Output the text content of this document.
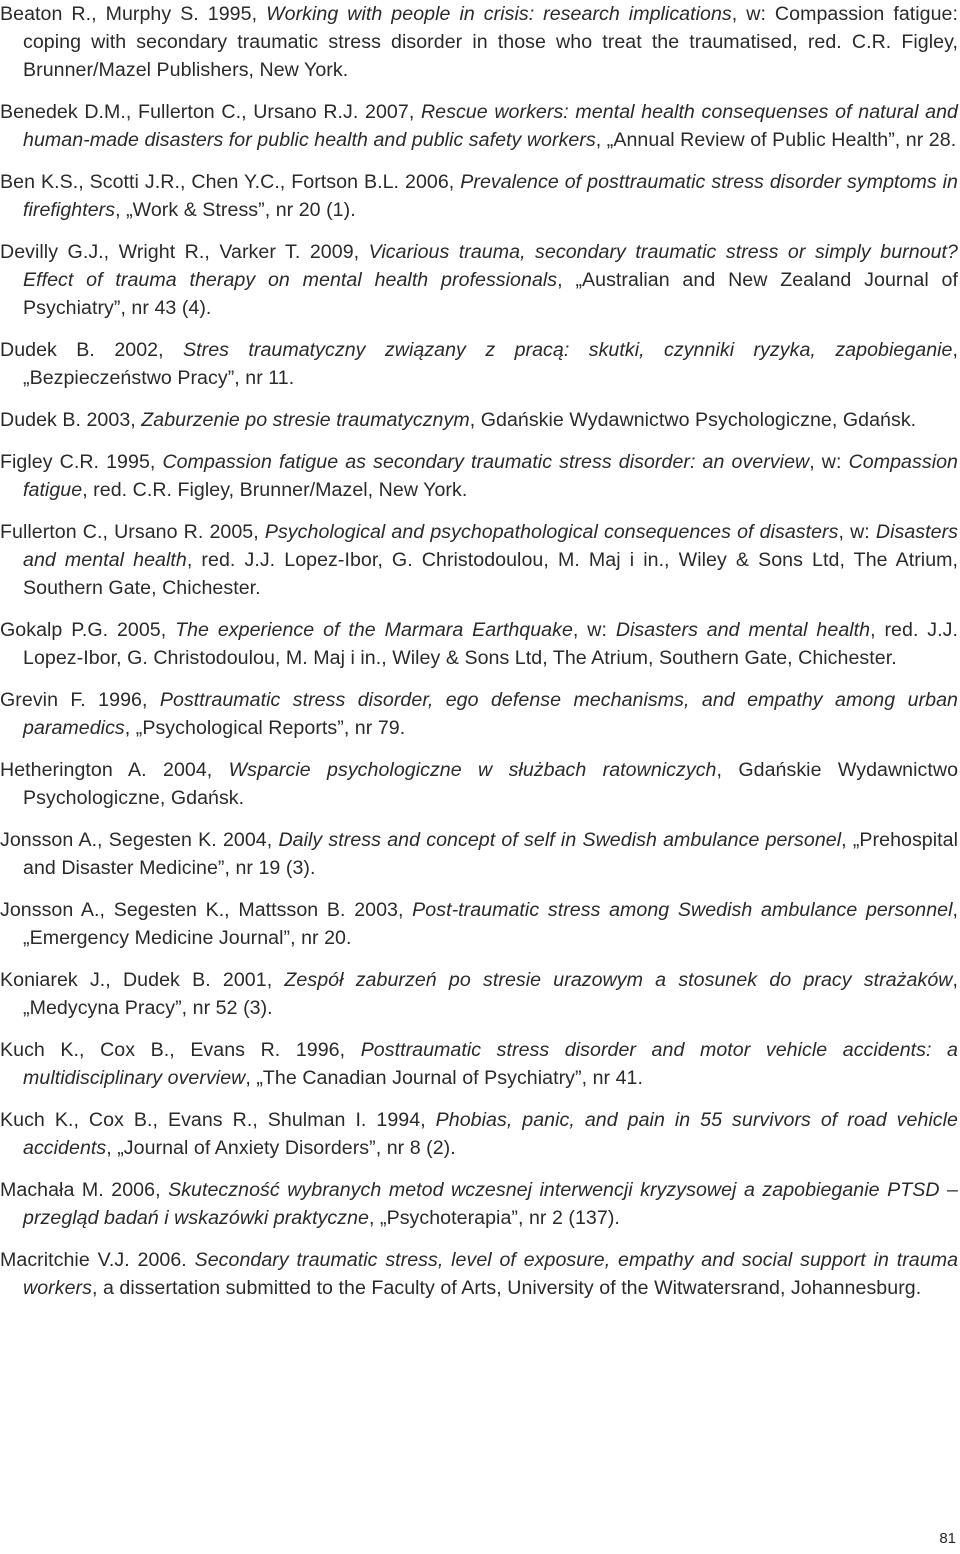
Beaton R., Murphy S. 1995, Working with people in crisis: research implications, w: Compassion fatigue: coping with secondary traumatic stress disorder in those who treat the traumatised, red. C.R. Figley, Brunner/Mazel Publishers, New York.

Benedek D.M., Fullerton C., Ursano R.J. 2007, Rescue workers: mental health consequenses of natural and human-made disasters for public health and public safety workers, „Annual Review of Public Health”, nr 28.

Ben K.S., Scotti J.R., Chen Y.C., Fortson B.L. 2006, Prevalence of posttraumatic stress disorder symptoms in firefighters, „Work & Stress”, nr 20 (1).

Devilly G.J., Wright R., Varker T. 2009, Vicarious trauma, secondary traumatic stress or simply burnout? Effect of trauma therapy on mental health professionals, „Australian and New Zealand Journal of Psychiatry”, nr 43 (4).

Dudek B. 2002, Stres traumatyczny związany z pracą: skutki, czynniki ryzyka, zapobieganie, „Bezpieczeństwo Pracy”, nr 11.

Dudek B. 2003, Zaburzenie po stresie traumatycznym, Gdańskie Wydawnictwo Psychologiczne, Gdańsk.

Figley C.R. 1995, Compassion fatigue as secondary traumatic stress disorder: an overview, w: Compassion fatigue, red. C.R. Figley, Brunner/Mazel, New York.

Fullerton C., Ursano R. 2005, Psychological and psychopathological consequences of disasters, w: Disasters and mental health, red. J.J. Lopez-Ibor, G. Christodoulou, M. Maj i in., Wiley & Sons Ltd, The Atrium, Southern Gate, Chichester.

Gokalp P.G. 2005, The experience of the Marmara Earthquake, w: Disasters and mental health, red. J.J. Lopez-Ibor, G. Christodoulou, M. Maj i in., Wiley & Sons Ltd, The Atrium, Southern Gate, Chichester.

Grevin F. 1996, Posttraumatic stress disorder, ego defense mechanisms, and empathy among urban paramedics, „Psychological Reports”, nr 79.

Hetherington A. 2004, Wsparcie psychologiczne w służbach ratowniczych, Gdańskie Wydawnictwo Psychologiczne, Gdańsk.

Jonsson A., Segesten K. 2004, Daily stress and concept of self in Swedish ambulance personel, „Prehospital and Disaster Medicine”, nr 19 (3).

Jonsson A., Segesten K., Mattsson B. 2003, Post-traumatic stress among Swedish ambulance personnel, „Emergency Medicine Journal”, nr 20.

Koniarek J., Dudek B. 2001, Zespół zaburzeń po stresie urazowym a stosunek do pracy strażaków, „Medycyna Pracy”, nr 52 (3).

Kuch K., Cox B., Evans R. 1996, Posttraumatic stress disorder and motor vehicle accidents: a multidisciplinary overview, „The Canadian Journal of Psychiatry”, nr 41.

Kuch K., Cox B., Evans R., Shulman I. 1994, Phobias, panic, and pain in 55 survivors of road vehicle accidents, „Journal of Anxiety Disorders”, nr 8 (2).

Machała M. 2006, Skuteczność wybranych metod wczesnej interwencji kryzysowej a zapobieganie PTSD – przegląd badań i wskazówki praktyczne, „Psychoterapia”, nr 2 (137).

Macritchie V.J. 2006. Secondary traumatic stress, level of exposure, empathy and social support in trauma workers, a dissertation submitted to the Faculty of Arts, University of the Witwatersrand, Johannesburg.

81
